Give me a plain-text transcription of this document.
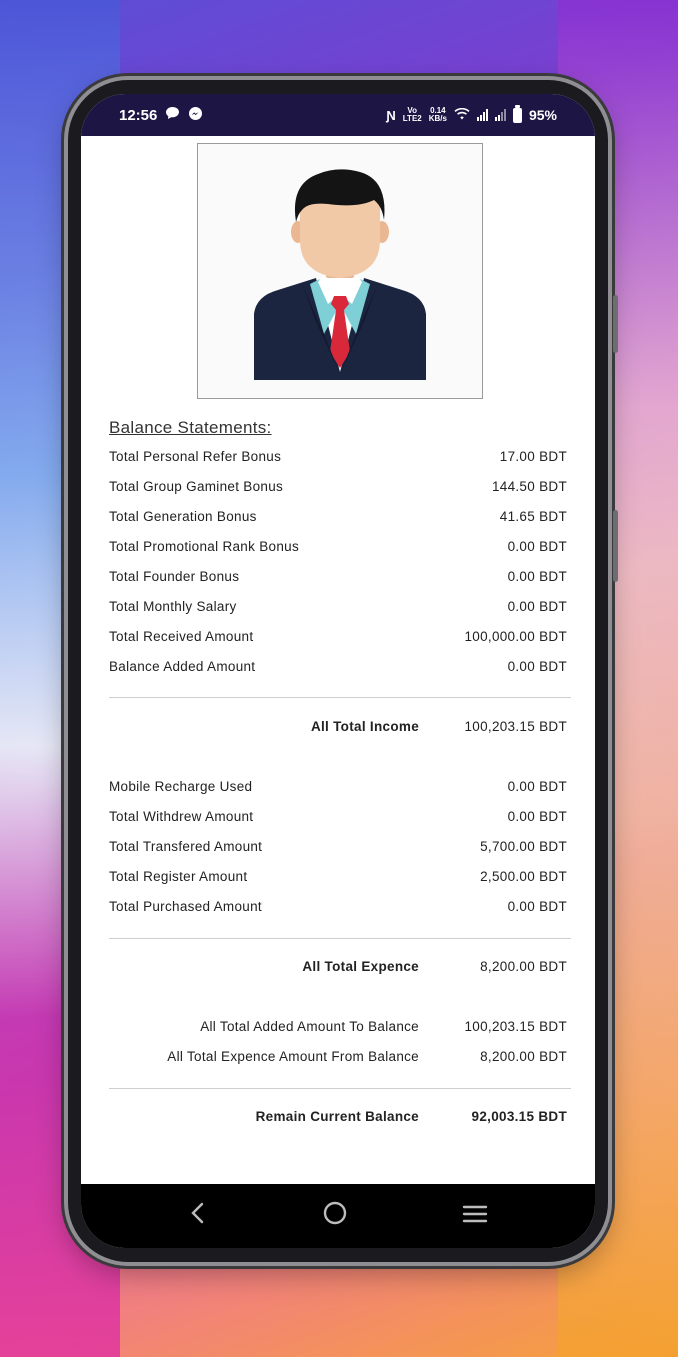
12:56	Ɲ	Vo
LTE2
0.14
KB/s	95%
Balance Statements:
Total Personal Refer Bonus	17.00 BDT
Total Group Gaminet Bonus	144.50 BDT
Total Generation Bonus	41.65 BDT
Total Promotional Rank Bonus	0.00 BDT
Total Founder Bonus	0.00 BDT
Total Monthly Salary	0.00 BDT
Total Received Amount	100,000.00 BDT
Balance Added Amount	0.00 BDT
All Total Income	100,203.15 BDT
Mobile Recharge Used	0.00 BDT
Total Withdrew Amount	0.00 BDT
Total Transfered Amount	5,700.00 BDT
Total Register Amount	2,500.00 BDT
Total Purchased Amount	0.00 BDT
All Total Expence	8,200.00 BDT
All Total Added Amount To Balance	100,203.15 BDT
All Total Expence Amount From Balance	8,200.00 BDT
Remain Current Balance	92,003.15 BDT
